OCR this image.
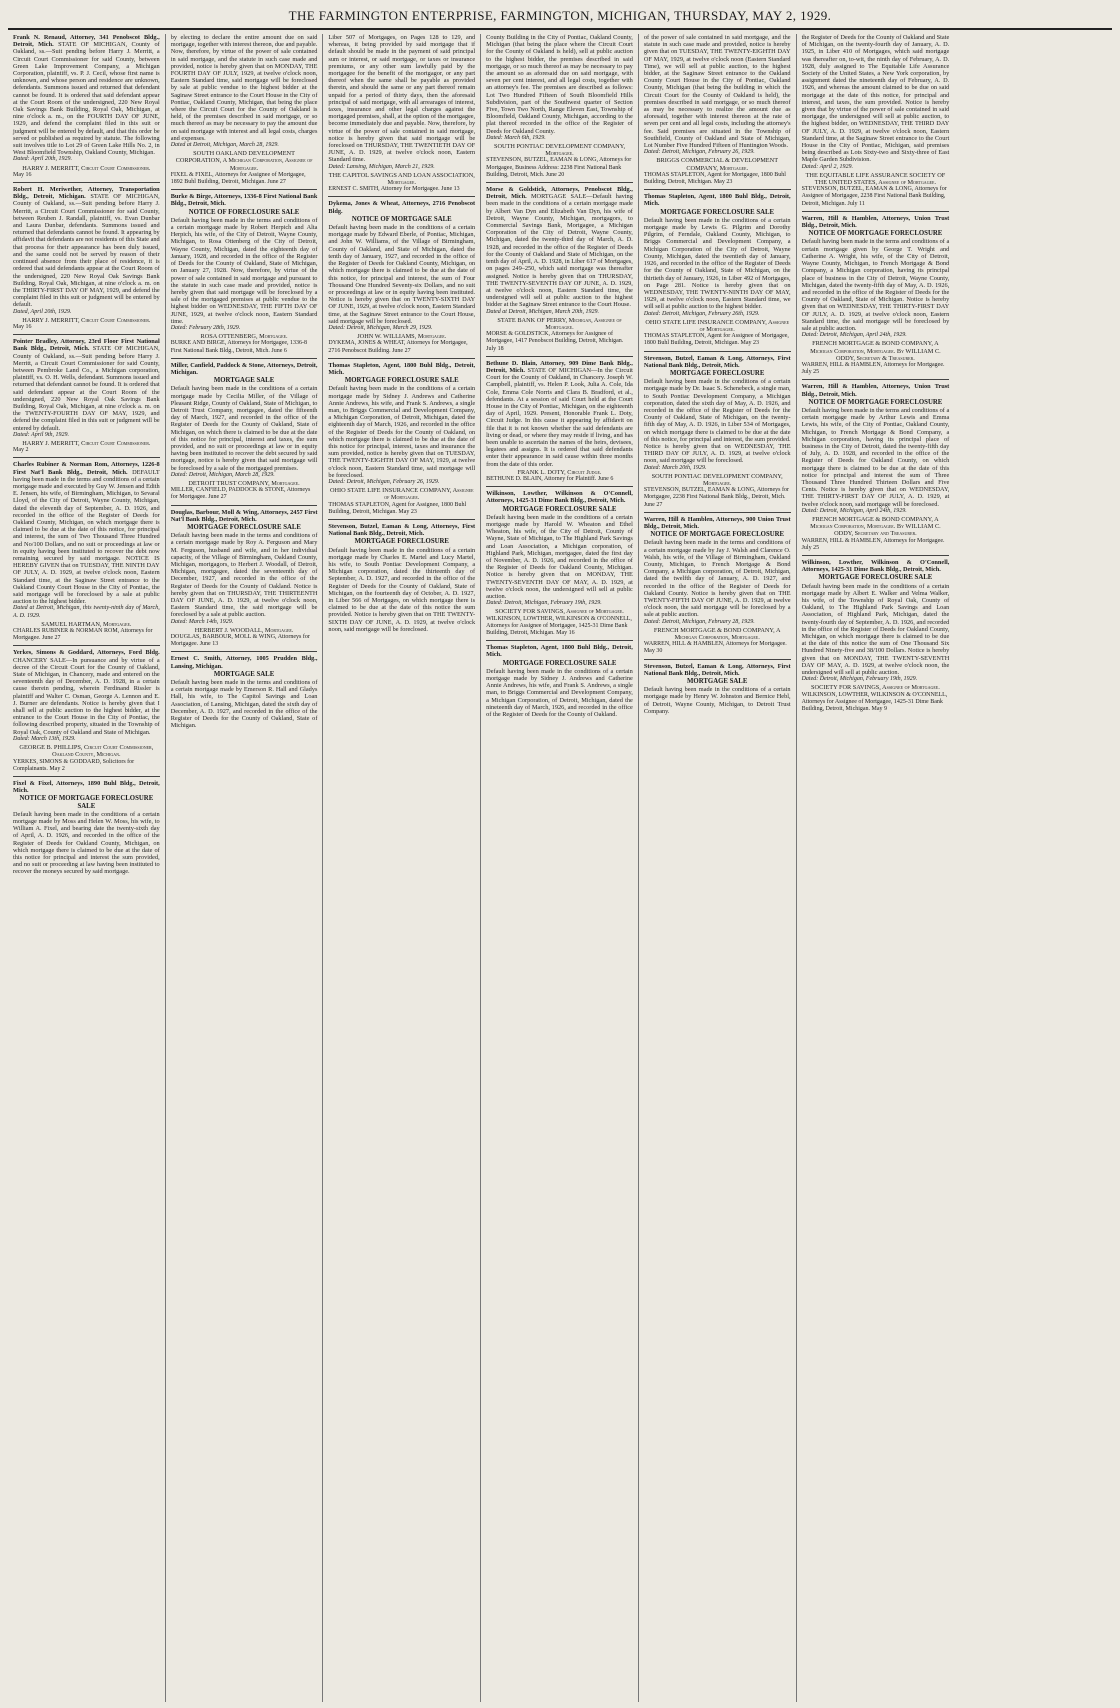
THE FARMINGTON ENTERPRISE, FARMINGTON, MICHIGAN, THURSDAY, MAY 2, 1929.
Frank N. Renaud, Attorney, 341 Penobscot Bldg., Detroit, Mich. STATE OF MICHIGAN, County of Oakland, ss.—Suit pending before Harry J. Merritt, a Circuit Court Commissioner for said County, between Green Lake Improvement Company, a Michigan Corporation, plaintiff, vs. P. J. Cecil, whose first name is unknown, and whose person and residence are unknown, defendants. Summons issued and returned that defendant cannot be found. It is ordered that said defendant appear at the Court Room of the undersigned, 220 New Royal Oak Savings Bank Building, Royal Oak, Michigan, at nine o'clock a. m., on the FOURTH DAY OF JUNE, 1929, and defend the complaint filed in this suit or judgment will be entered by default, and that this order be served or published as required by statute. The following suit involves title to Lot 29 of Green Lake Hills No. 2, in West Bloomfield Township, Oakland County, Michigan.
Dated: April 20th, 1929.
HARRY J. MERRITT, Circuit Court Commissioner.
May 16
Robert H. Meriwether, Attorney, Transportation Bldg., Detroit, Michigan. STATE OF MICHIGAN, County of Oakland, ss.—Suit pending before Harry J. Merritt, a Circuit Court Commissioner for said County, between Reuben J. Randall, plaintiff, vs. Evan Dunbar and Laura Dunbar, defendants. Summons issued and returned that defendants cannot be found. It appearing by affidavit that defendants are not residents of this State and that process for their appearance has been duly issued, and the same could not be served by reason of their continued absence from their place of residence, it is ordered that said defendants appear at the Court Room of the undersigned, 220 New Royal Oak Savings Bank Building, Royal Oak, Michigan, at nine o'clock a. m. on the THIRTY-FIRST DAY OF MAY, 1929, and defend the complaint filed in this suit or judgment will be entered by default.
Dated, April 20th, 1929.
HARRY J. MERRITT, Circuit Court Commissioner.
May 16
Pointer Bradley, Attorney, 23rd Floor First National Bank Bldg., Detroit, Mich. STATE OF MICHIGAN, County of Oakland, ss.—Suit pending before Harry J. Merritt, a Circuit Court Commissioner for said County, between Pembroke Land Co., a Michigan corporation, plaintiff, vs. O. H. Wells, defendant. Summons issued and returned that defendant cannot be found. It is ordered that said defendant appear at the Court Room of the undersigned, 220 New Royal Oak Savings Bank Building, Royal Oak, Michigan, at nine o'clock a. m. on the TWENTY-FOURTH DAY OF MAY, 1929, and defend the complaint filed in this suit or judgment will be entered by default.
Dated: April 9th, 1929.
HARRY J. MERRITT, Circuit Court Commissioner.
May 2
Charles Rubiner & Norman Rom, Attorneys, 1226-8 First Nat'l Bank Bldg., Detroit, Mich. DEFAULT having been made in the terms and conditions of a certain mortgage made and executed by Guy W. Jensen and Edith E. Jensen, his wife, of Birmingham, Michigan, to Sevaral Lloyd, of the City of Detroit, Wayne County, Michigan, dated the eleventh day of September, A. D. 1926, and recorded in the office of the Register of Deeds for Oakland County, Michigan, on which mortgage there is claimed to be due at the date of this notice, for principal and interest, the sum of Two Thousand Three Hundred and No/100 Dollars, and no suit or proceedings at law or in equity having been instituted to recover the debt now remaining secured by said mortgage. NOTICE IS HEREBY GIVEN that on TUESDAY, THE NINTH DAY OF JULY, A. D. 1929, at twelve o'clock noon, Eastern Standard time, at the Saginaw Street entrance to the Oakland County Court House in the City of Pontiac, the said mortgage will be foreclosed by a sale at public auction to the highest bidder.
Dated at Detroit, Michigan, this twenty-ninth day of March, A. D. 1929.
SAMUEL HARTMAN, Mortgagee.
CHARLES RUBINER & NORMAN ROM, Attorneys for Mortgagee. June 27
Yerkes, Simons & Goddard, Attorneys, Ford Bldg. CHANCERY SALE—In pursuance and by virtue of a decree of the Circuit Court for the County of Oakland, State of Michigan, in Chancery, made and entered on the seventeenth day of December, A. D. 1928, in a certain cause therein pending, wherein Ferdinand Rissler is plaintiff and Walter C. Osman, George A. Lennon and E. J. Burner are defendants. Notice is hereby given that I shall sell at public auction to the highest bidder, at the entrance to the Court House in the City of Pontiac, the following described property, situated in the Township of Royal Oak, County of Oakland and State of Michigan.
Dated: March 13th, 1929.
GEORGE B. PHILLIPS, Circuit Court Commissioner, Oakland County, Michigan.
YERKES, SIMONS & GODDARD, Solicitors for Complainants. May 2
Fixel & Fixel, Attorneys, 1890 Buhl Bldg., Detroit, Mich.
NOTICE OF MORTGAGE FORECLOSURE SALE
Default having been made in the conditions of a certain mortgage made by Moss and Helen W. Moss, his wife, to William A. Fixel, and bearing date the twenty-sixth day of April, A. D. 1926, and recorded in the office of the Register of Deeds for Oakland County, Michigan, on which mortgage there is claimed to be due at the date of this notice for principal and interest the sum provided, and no suit or proceeding at law having been instituted to recover the moneys secured by said mortgage.
by electing to declare the entire amount due on said mortgage, together with interest thereon, due and payable. Now, therefore, by virtue of the power of sale contained in said mortgage, and the statute in such case made and provided, notice is hereby given that on MONDAY, THE FOURTH DAY OF JULY, 1929, at twelve o'clock noon, Eastern Standard time, said mortgage will be foreclosed by sale at public vendue to the highest bidder at the Saginaw Street entrance to the Court House in the City of Pontiac, Oakland County, Michigan, that being the place where the Circuit Court for the County of Oakland is held, of the premises described in said mortgage, or so much thereof as may be necessary to pay the amount due on said mortgage with interest and all legal costs, charges and expenses.
Dated at Detroit, Michigan, March 28, 1929.
SOUTH OAKLAND DEVELOPMENT CORPORATION, A Michigan Corporation, Assignee of Mortgagee.
FIXEL & FIXEL, Attorneys for Assignee of Mortgagee, 1892 Buhl Building, Detroit, Michigan. June 27
Burke & Birge, Attorneys, 1336-8 First National Bank Bldg., Detroit, Mich.
NOTICE OF FORECLOSURE SALE
Default having been made in the terms and conditions of a certain mortgage made by Robert Herpich and Alta Herpich, his wife, of the City of Detroit, Wayne County, Michigan, to Rosa Ottenberg of the City of Detroit, Wayne County, Michigan, dated the eighteenth day of January, 1928, and recorded in the office of the Register of Deeds for the County of Oakland, State of Michigan, on January 27, 1928. Now, therefore, by virtue of the power of sale contained in said mortgage and pursuant to the statute in such case made and provided, notice is hereby given that said mortgage will be foreclosed by a sale of the mortgaged premises at public vendue to the highest bidder on WEDNESDAY, THE FIFTH DAY OF JUNE, 1929, at twelve o'clock noon, Eastern Standard time.
Dated: February 28th, 1929.
ROSA OTTENBERG, Mortgagee.
BURKE AND BIRGE, Attorneys for Mortgagee, 1336-8 First National Bank Bldg., Detroit, Mich. June 6
Miller, Canfield, Paddock & Stone, Attorneys, Detroit, Michigan.
MORTGAGE SALE
Default having been made in the conditions of a certain mortgage made by Cecilia Miller, of the Village of Pleasant Ridge, County of Oakland, State of Michigan, to Detroit Trust Company, mortgagee, dated the fifteenth day of March, 1927, and recorded in the office of the Register of Deeds for the County of Oakland, State of Michigan, on which there is claimed to be due at the date of this notice for principal, interest and taxes, the sum provided, and no suit or proceedings at law or in equity having been instituted to recover the debt secured by said mortgage, notice is hereby given that said mortgage will be foreclosed by a sale of the mortgaged premises.
Dated: Detroit, Michigan, March 28, 1929.
DETROIT TRUST COMPANY, Mortgagee.
MILLER, CANFIELD, PADDOCK & STONE, Attorneys for Mortgagee. June 27
Douglas, Barbour, Moll & Wing, Attorneys, 2457 First Nat'l Bank Bldg., Detroit, Mich.
MORTGAGE FORECLOSURE SALE
Default having been made in the terms and conditions of a certain mortgage made by Roy A. Ferguson and Mary M. Ferguson, husband and wife, and in her individual capacity, of the Village of Birmingham, Oakland County, Michigan, mortgagors, to Herbert J. Woodall, of Detroit, Michigan, mortgagee, dated the seventeenth day of December, 1927, and recorded in the office of the Register of Deeds for the County of Oakland. Notice is hereby given that on THURSDAY, THE THIRTEENTH DAY OF JUNE, A. D. 1929, at twelve o'clock noon, Eastern Standard time, the said mortgage will be foreclosed by a sale at public auction.
Dated: March 14th, 1929.
HERBERT J. WOODALL, Mortgagee.
DOUGLAS, BARBOUR, MOLL & WING, Attorneys for Mortgagee. June 13
Ernest C. Smith, Attorney, 1005 Prudden Bldg., Lansing, Michigan.
MORTGAGE SALE
Default having been made in the terms and conditions of a certain mortgage made by Emerson R. Hall and Gladys Hall, his wife, to The Capitol Savings and Loan Association, of Lansing, Michigan, dated the sixth day of December, A. D. 1927, and recorded in the office of the Register of Deeds for the County of Oakland, State of Michigan.
Liber 507 of Mortgages, on Pages 128 to 129, and whereas, it being provided by said mortgage that if default should be made in the payment of said principal sum or interest, or said mortgage, or taxes or insurance premiums, or any other sum lawfully paid by the mortgagee for the benefit of the mortgagor, or any part thereof when the same shall be payable as provided therein, and should the same or any part thereof remain unpaid for a period of thirty days, then the aforesaid principal of said mortgage, with all arrearages of interest, taxes, insurance and other legal charges against the mortgaged premises, shall, at the option of the mortgagee, become immediately due and payable. Now, therefore, by virtue of the power of sale contained in said mortgage, notice is hereby given that said mortgage will be foreclosed on THURSDAY, THE TWENTIETH DAY OF JUNE, A. D. 1929, at twelve o'clock noon, Eastern Standard time.
Dated: Lansing, Michigan, March 21, 1929.
THE CAPITOL SAVINGS AND LOAN ASSOCIATION, Mortgagee.
ERNEST C. SMITH, Attorney for Mortgagee. June 13
Dykema, Jones & Wheat, Attorneys, 2716 Penobscot Bldg.
NOTICE OF MORTGAGE SALE
Default having been made in the conditions of a certain mortgage made by Edward Eberle, of Pontiac, Michigan, and John W. Williams, of the Village of Birmingham, County of Oakland, and State of Michigan, dated the tenth day of January, 1927, and recorded in the office of the Register of Deeds for Oakland County, Michigan, on which mortgage there is claimed to be due at the date of this notice, for principal and interest, the sum of Four Thousand One Hundred Seventy-six Dollars, and no suit or proceedings at law or in equity having been instituted. Notice is hereby given that on TWENTY-SIXTH DAY OF JUNE, 1929, at twelve o'clock noon, Eastern Standard time, at the Saginaw Street entrance to the Court House, said mortgage will be foreclosed.
Dated: Detroit, Michigan, March 29, 1929.
JOHN W. WILLIAMS, Mortgagee.
DYKEMA, JONES & WHEAT, Attorneys for Mortgagee, 2716 Penobscot Building. June 27
Thomas Stapleton, Agent, 1800 Buhl Bldg., Detroit, Mich.
MORTGAGE FORECLOSURE SALE
Default having been made in the conditions of a certain mortgage made by Sidney J. Andrews and Catherine Annie Andrews, his wife, and Frank S. Andrews, a single man, to Briggs Commercial and Development Company, a Michigan Corporation, of Detroit, Michigan, dated the eighteenth day of March, 1926, and recorded in the office of the Register of Deeds for the County of Oakland, on which mortgage there is claimed to be due at the date of this notice for principal, interest, taxes and insurance the sum provided, notice is hereby given that on TUESDAY, THE TWENTY-EIGHTH DAY OF MAY, 1929, at twelve o'clock noon, Eastern Standard time, said mortgage will be foreclosed.
Dated: Detroit, Michigan, February 26, 1929.
OHIO STATE LIFE INSURANCE COMPANY, Assignee of Mortgagee.
THOMAS STAPLETON, Agent for Assignee, 1800 Buhl Building, Detroit, Michigan. May 23
Stevenson, Butzel, Eaman & Long, Attorneys, First National Bank Bldg., Detroit, Mich.
MORTGAGE FORECLOSURE
Default having been made in the conditions of a certain mortgage made by Charles E. Martel and Lucy Martel, his wife, to South Pontiac Development Company, a Michigan corporation, dated the thirteenth day of September, A. D. 1927, and recorded in the office of the Register of Deeds for the County of Oakland, State of Michigan, on the fourteenth day of October, A. D. 1927, in Liber 566 of Mortgages, on which mortgage there is claimed to be due at the date of this notice the sum provided. Notice is hereby given that on THE TWENTY-SIXTH DAY OF JUNE, A. D. 1929, at twelve o'clock noon, said mortgage will be foreclosed.
County Building in the City of Pontiac, Oakland County, Michigan (that being the place where the Circuit Court for the County of Oakland is held), sell at public auction to the highest bidder, the premises described in said mortgage, or so much thereof as may be necessary to pay the amount so as aforesaid due on said mortgage, with seven per cent interest, and all legal costs, together with an attorney's fee. The premises are described as follows: Lot Two Hundred Fifteen of South Bloomfield Hills Subdivision, part of the Southwest quarter of Section Five, Town Two North, Range Eleven East, Township of Bloomfield, Oakland County, Michigan, according to the plat thereof recorded in the office of the Register of Deeds for Oakland County.
Dated: March 6th, 1929.
SOUTH PONTIAC DEVELOPMENT COMPANY, Mortgagee.
STEVENSON, BUTZEL, EAMAN & LONG, Attorneys for Mortgagee, Business Address: 2238 First National Bank Building, Detroit, Mich. June 20
Morse & Goldstick, Attorneys, Penobscot Bldg., Detroit, Mich. MORTGAGE SALE—Default having been made in the conditions of a certain mortgage made by Albert Van Dyn and Elizabeth Van Dyn, his wife of Detroit, Wayne County, Michigan, mortgagors, to Commercial Savings Bank, Mortgagee, a Michigan Corporation of the City of Detroit, Wayne County, Michigan, dated the twenty-third day of March, A. D. 1928, and recorded in the office of the Register of Deeds for the County of Oakland and State of Michigan, on the tenth day of April, A. D. 1928, in Liber 617 of Mortgages, on pages 249–250, which said mortgage was thereafter assigned. Notice is hereby given that on THURSDAY, THE TWENTY-SEVENTH DAY OF JUNE, A. D. 1929, at twelve o'clock noon, Eastern Standard time, the undersigned will sell at public auction to the highest bidder at the Saginaw Street entrance to the Court House.
Dated at Detroit, Michigan, March 20th, 1929.
STATE BANK OF PERRY, Michigan, Assignee of Mortgagee.
MORSE & GOLDSTICK, Attorneys for Assignee of Mortgagee, 1417 Penobscot Building, Detroit, Michigan. July 18
Bethune D. Blain, Attorney, 909 Dime Bank Bldg., Detroit, Mich. STATE OF MICHIGAN—In the Circuit Court for the County of Oakland, in Chancery. Joseph W. Campbell, plaintiff, vs. Helen P. Look, Julia A. Cole, Ida Cole, Emma Cole Norris and Clara B. Bradford, et al., defendants. At a session of said Court held at the Court House in the City of Pontiac, Michigan, on the eighteenth day of April, 1929. Present, Honorable Frank L. Doty, Circuit Judge. In this cause it appearing by affidavit on file that it is not known whether the said defendants are living or dead, or where they may reside if living, and has been unable to ascertain the names of the heirs, devisees, legatees and assigns. It is ordered that said defendants enter their appearance in said cause within three months from the date of this order.
FRANK L. DOTY, Circuit Judge.
BETHUNE D. BLAIN, Attorney for Plaintiff. June 6
Wilkinson, Lowther, Wilkinson & O'Connell, Attorneys, 1425-31 Dime Bank Bldg., Detroit, Mich.
MORTGAGE FORECLOSURE SALE
Default having been made in the conditions of a certain mortgage made by Harold W. Wheaton and Ethel Wheaton, his wife, of the City of Detroit, County of Wayne, State of Michigan, to The Highland Park Savings and Loan Association, a Michigan corporation, of Highland Park, Michigan, mortgagee, dated the first day of November, A. D. 1926, and recorded in the office of the Register of Deeds for Oakland County, Michigan. Notice is hereby given that on MONDAY, THE TWENTY-SEVENTH DAY OF MAY, A. D. 1929, at twelve o'clock noon, the undersigned will sell at public auction.
Dated: Detroit, Michigan, February 19th, 1929.
SOCIETY FOR SAVINGS, Assignee of Mortgagee.
WILKINSON, LOWTHER, WILKINSON & O'CONNELL, Attorneys for Assignee of Mortgagee, 1425-31 Dime Bank Building, Detroit, Michigan. May 16
Thomas Stapleton, Agent, 1800 Buhl Bldg., Detroit, Mich.
MORTGAGE FORECLOSURE SALE
Default having been made in the conditions of a certain mortgage made by Sidney J. Andrews and Catherine Annie Andrews, his wife, and Frank S. Andrews, a single man, to Briggs Commercial and Development Company, a Michigan Corporation, of Detroit, Michigan, dated the nineteenth day of March, 1926, and recorded in the office of the Register of Deeds for the County of Oakland.
of the power of sale contained in said mortgage, and the statute in such case made and provided, notice is hereby given that on TUESDAY, THE TWENTY-EIGHTH DAY OF MAY, 1929, at twelve o'clock noon (Eastern Standard Time), we will sell at public auction, to the highest bidder, at the Saginaw Street entrance to the Oakland County Court House in the City of Pontiac, Oakland County, Michigan (that being the building in which the Circuit Court for the County of Oakland is held), the premises described in said mortgage, or so much thereof as may be necessary to realize the amount due as aforesaid, together with interest thereon at the rate of seven per cent and all legal costs, including the attorney's fee. Said premises are situated in the Township of Southfield, County of Oakland and State of Michigan, Lot Number Five Hundred Fifteen of Huntington Woods.
Dated: Detroit, Michigan, February 26, 1929.
BRIGGS COMMERCIAL & DEVELOPMENT COMPANY, Mortgagee.
THOMAS STAPLETON, Agent for Mortgagee, 1800 Buhl Building, Detroit, Michigan. May 23
Thomas Stapleton, Agent, 1800 Buhl Bldg., Detroit, Mich.
MORTGAGE FORECLOSURE SALE
Default having been made in the conditions of a certain mortgage made by Lewis G. Pilgrim and Dorothy Pilgrim, of Ferndale, Oakland County, Michigan, to Briggs Commercial and Development Company, a Michigan Corporation of the City of Detroit, Wayne County, Michigan, dated the twentieth day of January, 1926, and recorded in the office of the Register of Deeds for the County of Oakland, State of Michigan, on the thirtieth day of January, 1926, in Liber 492 of Mortgages, on Page 281. Notice is hereby given that on WEDNESDAY, THE TWENTY-NINTH DAY OF MAY, 1929, at twelve o'clock noon, Eastern Standard time, we will sell at public auction to the highest bidder.
Dated: Detroit, Michigan, February 26th, 1929.
OHIO STATE LIFE INSURANCE COMPANY, Assignee of Mortgagee.
THOMAS STAPLETON, Agent for Assignee of Mortgagee, 1800 Buhl Building, Detroit, Michigan. May 23
Stevenson, Butzel, Eaman & Long, Attorneys, First National Bank Bldg., Detroit, Mich.
MORTGAGE FORECLOSURE
Default having been made in the conditions of a certain mortgage made by Dr. Isaac S. Schenebeck, a single man, to South Pontiac Development Company, a Michigan corporation, dated the sixth day of May, A. D. 1926, and recorded in the office of the Register of Deeds for the County of Oakland, State of Michigan, on the twenty-fifth day of May, A. D. 1926, in Liber 534 of Mortgages, on which mortgage there is claimed to be due at the date of this notice, for principal and interest, the sum provided. Notice is hereby given that on WEDNESDAY, THE THIRD DAY OF JULY, A. D. 1929, at twelve o'clock noon, said mortgage will be foreclosed.
Dated: March 20th, 1929.
SOUTH PONTIAC DEVELOPMENT COMPANY, Mortgagee.
STEVENSON, BUTZEL, EAMAN & LONG, Attorneys for Mortgagee, 2238 First National Bank Bldg., Detroit, Mich. June 27
Warren, Hill & Hamblen, Attorneys, 900 Union Trust Bldg., Detroit, Mich.
NOTICE OF MORTGAGE FORECLOSURE
Default having been made in the terms and conditions of a certain mortgage made by Jay J. Walsh and Clarence O. Walsh, his wife, of the Village of Birmingham, Oakland County, Michigan, to French Mortgage & Bond Company, a Michigan corporation, of Detroit, Michigan, dated the twelfth day of January, A. D. 1927, and recorded in the office of the Register of Deeds for Oakland County. Notice is hereby given that on THE TWENTY-FIFTH DAY OF JUNE, A. D. 1929, at twelve o'clock noon, the said mortgage will be foreclosed by a sale at public auction.
Dated: Detroit, Michigan, February 28, 1929.
FRENCH MORTGAGE & BOND COMPANY, A Michigan Corporation, Mortgagee.
WARREN, HILL & HAMBLEN, Attorneys for Mortgagee. May 30
Stevenson, Butzel, Eaman & Long, Attorneys, First National Bank Bldg., Detroit, Mich.
MORTGAGE SALE
Default having been made in the conditions of a certain mortgage made by Henry W. Johnston and Bernice Hebl, of Detroit, Wayne County, Michigan, to Detroit Trust Company.
the Register of Deeds for the County of Oakland and State of Michigan, on the twenty-fourth day of January, A. D. 1925, in Liber 410 of Mortgages, which said mortgage was thereafter on, to-wit, the ninth day of February, A. D. 1928, duly assigned to The Equitable Life Assurance Society of the United States, a New York corporation, by assignment dated the nineteenth day of February, A. D. 1926, and whereas the amount claimed to be due on said mortgage at the date of this notice, for principal and interest, and taxes, the sum provided. Notice is hereby given that by virtue of the power of sale contained in said mortgage, the undersigned will sell at public auction, to the highest bidder, on WEDNESDAY, THE THIRD DAY OF JULY, A. D. 1929, at twelve o'clock noon, Eastern Standard time, at the Saginaw Street entrance to the Court House in the City of Pontiac, Michigan, said premises being described as Lots Sixty-two and Sixty-three of East Maple Garden Subdivision.
Dated: April 2, 1929.
THE EQUITABLE LIFE ASSURANCE SOCIETY OF THE UNITED STATES, Assignee of Mortgagee.
STEVENSON, BUTZEL, EAMAN & LONG, Attorneys for Assignee of Mortgagee, 2238 First National Bank Building, Detroit, Michigan. July 11
Warren, Hill & Hamblen, Attorneys, Union Trust Bldg., Detroit, Mich.
NOTICE OF MORTGAGE FORECLOSURE
Default having been made in the terms and conditions of a certain mortgage given by George T. Wright and Catherine A. Wright, his wife, of the City of Detroit, Wayne County, Michigan, to French Mortgage & Bond Company, a Michigan corporation, having its principal place of business in the City of Detroit, Wayne County, Michigan, dated the twenty-fifth day of May, A. D. 1926, and recorded in the office of the Register of Deeds for the County of Oakland, State of Michigan. Notice is hereby given that on WEDNESDAY, THE THIRTY-FIRST DAY OF JULY, A. D. 1929, at twelve o'clock noon, Eastern Standard time, the said mortgage will be foreclosed by sale at public auction.
Dated: Detroit, Michigan, April 24th, 1929.
FRENCH MORTGAGE & BOND COMPANY, A Michigan Corporation, Mortgagee. By WILLIAM C. ODDY, Secretary & Treasurer.
WARREN, HILL & HAMBLEN, Attorneys for Mortgagee. July 25
Warren, Hill & Hamblen, Attorneys, Union Trust Bldg., Detroit, Mich.
NOTICE OF MORTGAGE FORECLOSURE
Default having been made in the terms and conditions of a certain mortgage made by Arthur Lewis and Emma Lewis, his wife, of the City of Pontiac, Oakland County, Michigan, to French Mortgage & Bond Company, a Michigan corporation, having its principal place of business in the City of Detroit, dated the twenty-fifth day of July, A. D. 1928, and recorded in the office of the Register of Deeds for Oakland County, on which mortgage there is claimed to be due at the date of this notice for principal and interest the sum of Three Thousand Three Hundred Thirteen Dollars and Five Cents. Notice is hereby given that on WEDNESDAY, THE THIRTY-FIRST DAY OF JULY, A. D. 1929, at twelve o'clock noon, said mortgage will be foreclosed.
Dated: Detroit, Michigan, April 24th, 1929.
FRENCH MORTGAGE & BOND COMPANY, A Michigan Corporation, Mortgagee. By WILLIAM C. ODDY, Secretary and Treasurer.
WARREN, HILL & HAMBLEN, Attorneys for Mortgagee. July 25
Wilkinson, Lowther, Wilkinson & O'Connell, Attorneys, 1425-31 Dime Bank Bldg., Detroit, Mich.
MORTGAGE FORECLOSURE SALE
Default having been made in the conditions of a certain mortgage made by Albert E. Walker and Velma Walker, his wife, of the Township of Royal Oak, County of Oakland, to The Highland Park Savings and Loan Association, of Highland Park, Michigan, dated the twenty-fourth day of September, A. D. 1926, and recorded in the office of the Register of Deeds for Oakland County, Michigan, on which mortgage there is claimed to be due at the date of this notice the sum of One Thousand Six Hundred Ninety-five and 38/100 Dollars. Notice is hereby given that on MONDAY, THE TWENTY-SEVENTH DAY OF MAY, A. D. 1929, at twelve o'clock noon, the undersigned will sell at public auction.
Dated: Detroit, Michigan, February 19th, 1929.
SOCIETY FOR SAVINGS, Assignee of Mortgagee.
WILKINSON, LOWTHER, WILKINSON & O'CONNELL, Attorneys for Assignee of Mortgagee, 1425-31 Dime Bank Building, Detroit, Michigan. May 9
